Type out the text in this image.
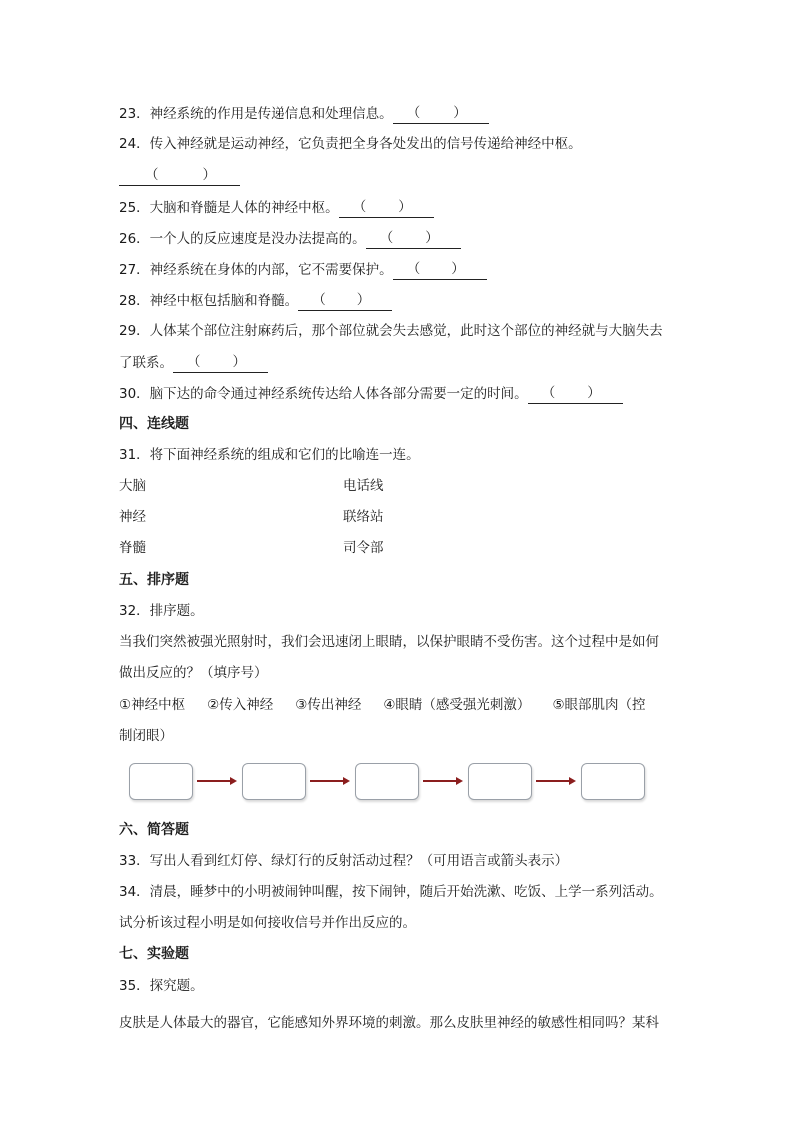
23．神经系统的作用是传递信息和处理信息。 （ ）
24．传入神经就是运动神经，它负责把全身各处发出的信号传递给神经中枢。
（	）
25．大脑和脊髓是人体的神经中枢。 （ ）
26．一个人的反应速度是没办法提高的。 （ ）
27．神经系统在身体的内部，它不需要保护。 （ ）
28．神经中枢包括脑和脊髓。 （ ）
29．人体某个部位注射麻药后，那个部位就会失去感觉，此时这个部位的神经就与大脑失去
了联系。 （ ）
30．脑下达的命令通过神经系统传达给人体各部分需要一定的时间。 （ ）
四、连线题
31．将下面神经系统的组成和它们的比喻连一连。
大脑	电话线
神经	联络站
脊髓	司令部
五、排序题
32．排序题。
当我们突然被强光照射时，我们会迅速闭上眼睛，以保护眼睛不受伤害。这个过程中是如何
做出反应的？（填序号）
①神经中枢 ②传入神经 ③传出神经 ④眼睛（感受强光刺激） ⑤眼部肌肉（控
制闭眼）
六、简答题
33．写出人看到红灯停、绿灯行的反射活动过程？（可用语言或箭头表示）
34．清晨，睡梦中的小明被闹钟叫醒，按下闹钟，随后开始洗漱、吃饭、上学一系列活动。
试分析该过程小明是如何接收信号并作出反应的。
七、实验题
35．探究题。
皮肤是人体最大的器官，它能感知外界环境的刺激。那么皮肤里神经的敏感性相同吗？某科
